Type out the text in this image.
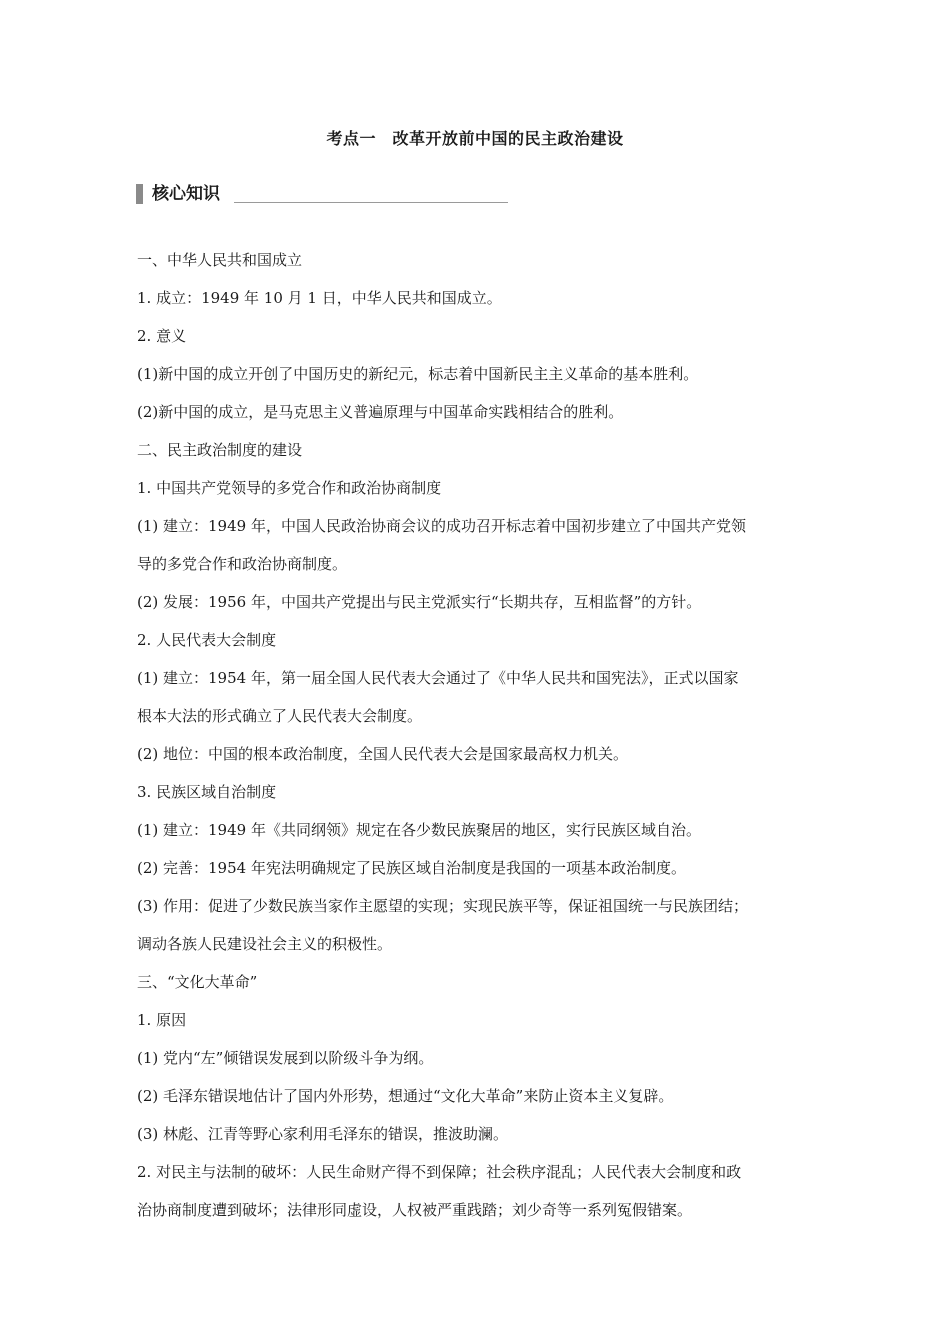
考点一　改革开放前中国的民主政治建设
核心知识

一、中华人民共和国成立

1. 成立：1949 年 10 月 1 日，中华人民共和国成立。

2. 意义

(1)新中国的成立开创了中国历史的新纪元，标志着中国新民主主义革命的基本胜利。

(2)新中国的成立，是马克思主义普遍原理与中国革命实践相结合的胜利。

二、民主政治制度的建设

1. 中国共产党领导的多党合作和政治协商制度

(1) 建立：1949 年，中国人民政治协商会议的成功召开标志着中国初步建立了中国共产党领

导的多党合作和政治协商制度。

(2) 发展：1956 年，中国共产党提出与民主党派实行“长期共存，互相监督”的方针。

2. 人民代表大会制度

(1) 建立：1954 年，第一届全国人民代表大会通过了《中华人民共和国宪法》，正式以国家

根本大法的形式确立了人民代表大会制度。

(2) 地位：中国的根本政治制度，全国人民代表大会是国家最高权力机关。

3. 民族区域自治制度

(1) 建立：1949 年《共同纲领》规定在各少数民族聚居的地区，实行民族区域自治。

(2) 完善：1954 年宪法明确规定了民族区域自治制度是我国的一项基本政治制度。

(3) 作用：促进了少数民族当家作主愿望的实现；实现民族平等，保证祖国统一与民族团结；

调动各族人民建设社会主义的积极性。

三、“文化大革命”

1. 原因

(1) 党内“左”倾错误发展到以阶级斗争为纲。

(2) 毛泽东错误地估计了国内外形势，想通过“文化大革命”来防止资本主义复辟。

(3) 林彪、江青等野心家利用毛泽东的错误，推波助澜。

2. 对民主与法制的破坏：人民生命财产得不到保障；社会秩序混乱；人民代表大会制度和政

治协商制度遭到破坏；法律形同虚设，人权被严重践踏；刘少奇等一系列冤假错案。
